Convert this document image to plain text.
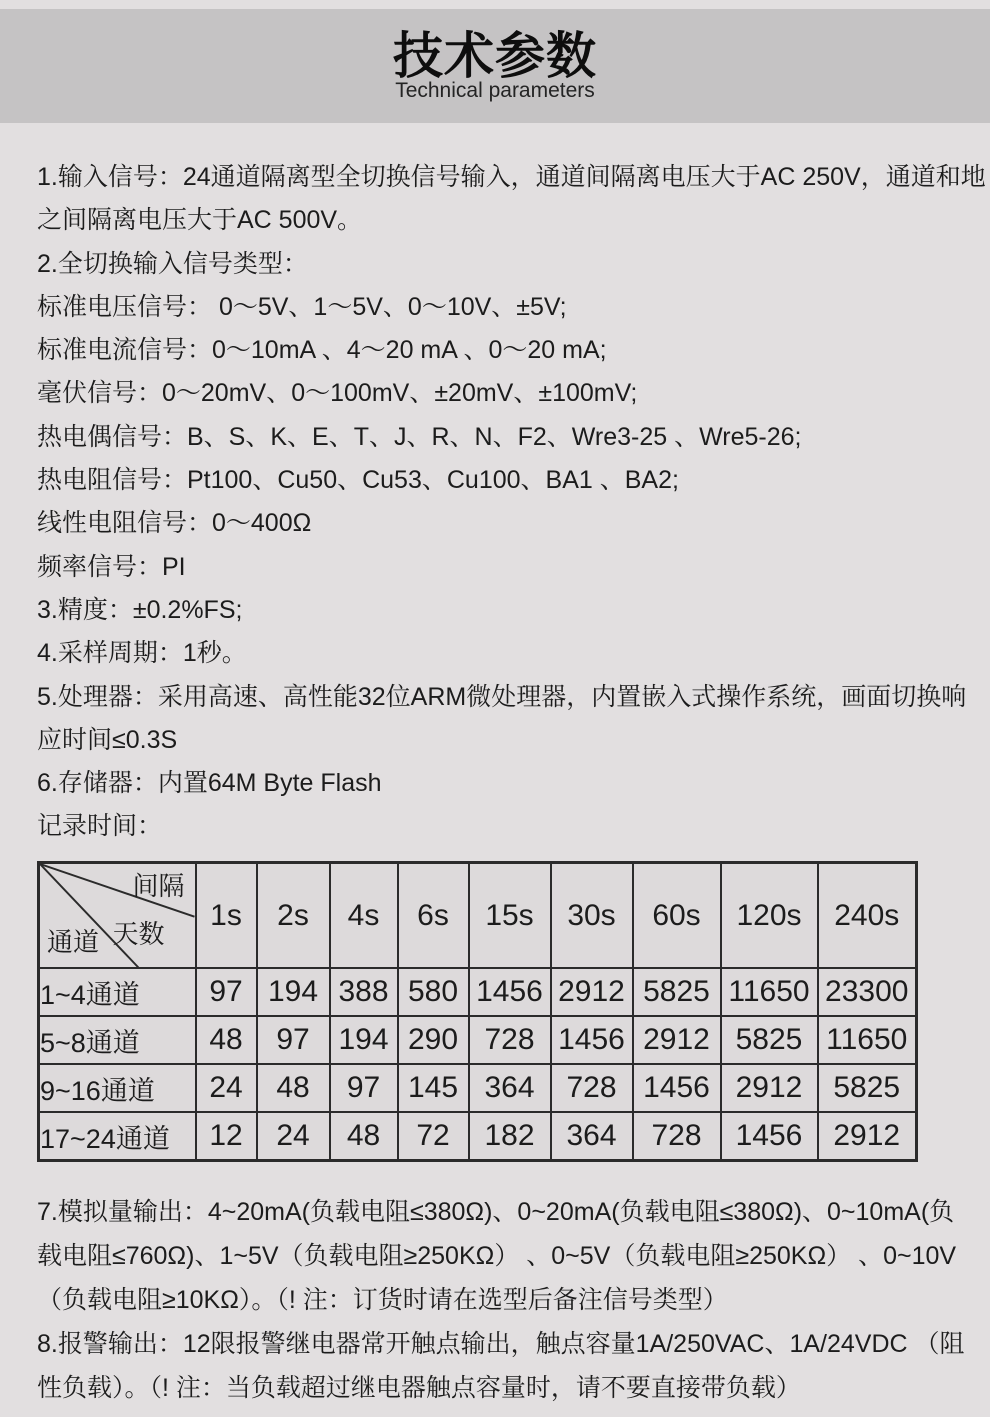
技术参数
Technical parameters
1.输入信号：24通道隔离型全切换信号输入，通道间隔离电压大于AC 250V，通道和地
之间隔离电压大于AC 500V。
2.全切换输入信号类型：
标准电压信号： 0～5V、1～5V、0～10V、±5V;
标准电流信号：0～10mA 、4～20 mA 、0～20 mA;
毫伏信号：0～20mV、0～100mV、±20mV、±100mV;
热电偶信号：B、S、K、E、T、J、R、N、F2、Wre3-25 、Wre5-26;
热电阻信号：Pt100、Cu50、Cu53、Cu100、BA1 、BA2;
线性电阻信号：0～400Ω
频率信号：PI
3.精度：±0.2%FS;
4.采样周期：1秒。
5.处理器：采用高速、高性能32位ARM微处理器，内置嵌入式操作系统，画面切换响
应时间≤0.3S
6.存储器：内置64M Byte Flash
记录时间：
间隔
天数
通道	1s	2s	4s	6s	15s	30s	60s	120s	240s
1~4通道	97	194	388	580	1456	2912	5825	11650	23300
5~8通道	48	97	194	290	728	1456	2912	5825	11650
9~16通道	24	48	97	145	364	728	1456	2912	5825
17~24通道	12	24	48	72	182	364	728	1456	2912
7.模拟量输出：4~20mA(负载电阻≤380Ω)、0~20mA(负载电阻≤380Ω)、0~10mA(负
载电阻≤760Ω)、1~5V（负载电阻≥250KΩ） 、0~5V（负载电阻≥250KΩ） 、0~10V
（负载电阻≥10KΩ）。（! 注：订货时请在选型后备注信号类型）
8.报警输出：12限报警继电器常开触点输出，触点容量1A/250VAC、1A/24VDC （阻
性负载）。（! 注：当负载超过继电器触点容量时，请不要直接带负载）
